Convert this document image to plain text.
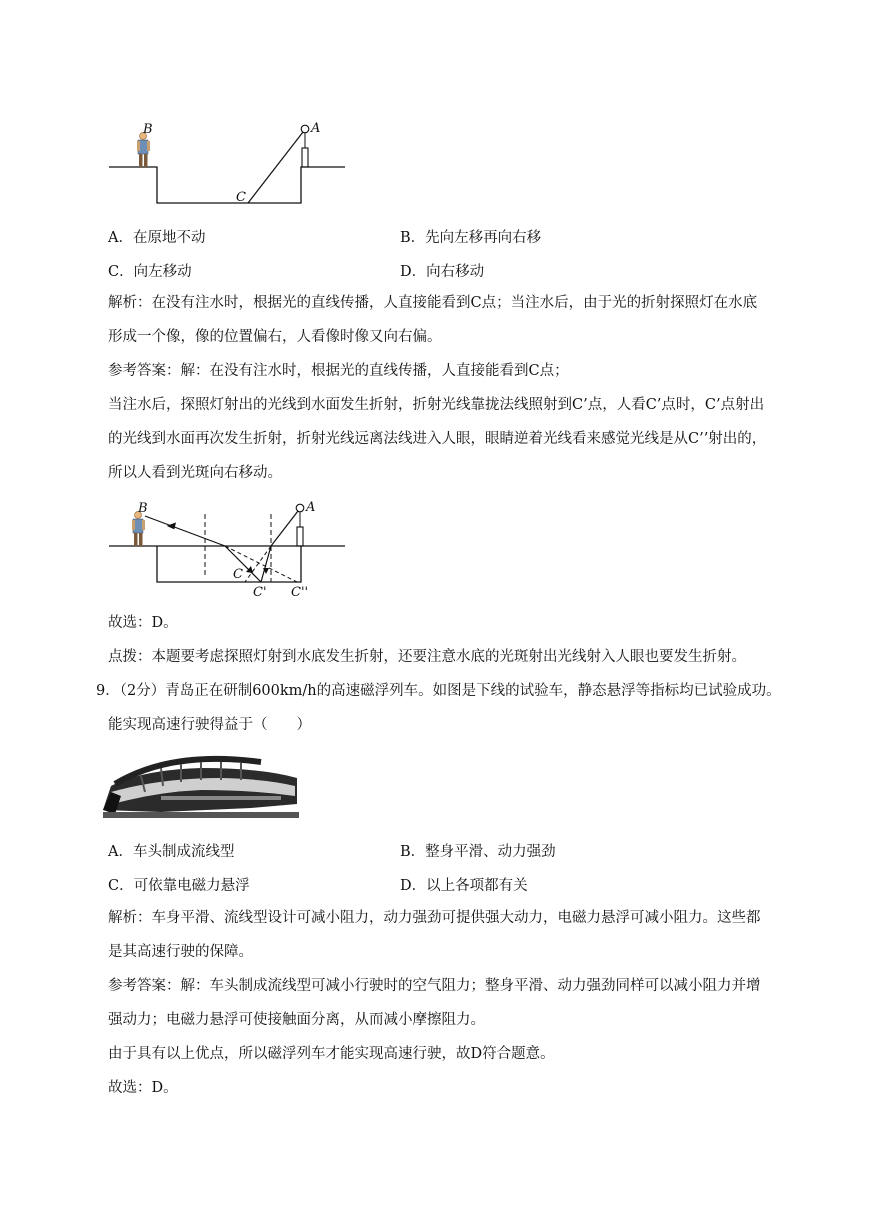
B	A
C
A．在原地不动	B．先向左移再向右移
C．向左移动	D．向右移动
解析：在没有注水时，根据光的直线传播，人直接能看到C点；当注水后，由于光的折射探照灯在水底
形成一个像，像的位置偏右，人看像时像又向右偏。
参考答案：解：在没有注水时，根据光的直线传播，人直接能看到C点；
当注水后，探照灯射出的光线到水面发生折射，折射光线靠拢法线照射到C’点，人看C’点时，C’点射出
的光线到水面再次发生折射，折射光线远离法线进入人眼，眼睛逆着光线看来感觉光线是从C’’射出的，
所以人看到光斑向右移动。
B	A
C
C' C''
故选：D。
点拨：本题要考虑探照灯射到水底发生折射，还要注意水底的光斑射出光线射入人眼也要发生折射。
9．（2分）青岛正在研制600km/h的高速磁浮列车。如图是下线的试验车，静态悬浮等指标均已试验成功。
能实现高速行驶得益于（　　）
A．车头制成流线型	B．整身平滑、动力强劲
C．可依靠电磁力悬浮	D．以上各项都有关
解析：车身平滑、流线型设计可减小阻力，动力强劲可提供强大动力，电磁力悬浮可减小阻力。这些都
是其高速行驶的保障。
参考答案：解：车头制成流线型可减小行驶时的空气阻力；整身平滑、动力强劲同样可以减小阻力并增
强动力；电磁力悬浮可使接触面分离，从而减小摩擦阻力。
由于具有以上优点，所以磁浮列车才能实现高速行驶，故D符合题意。
故选：D。
